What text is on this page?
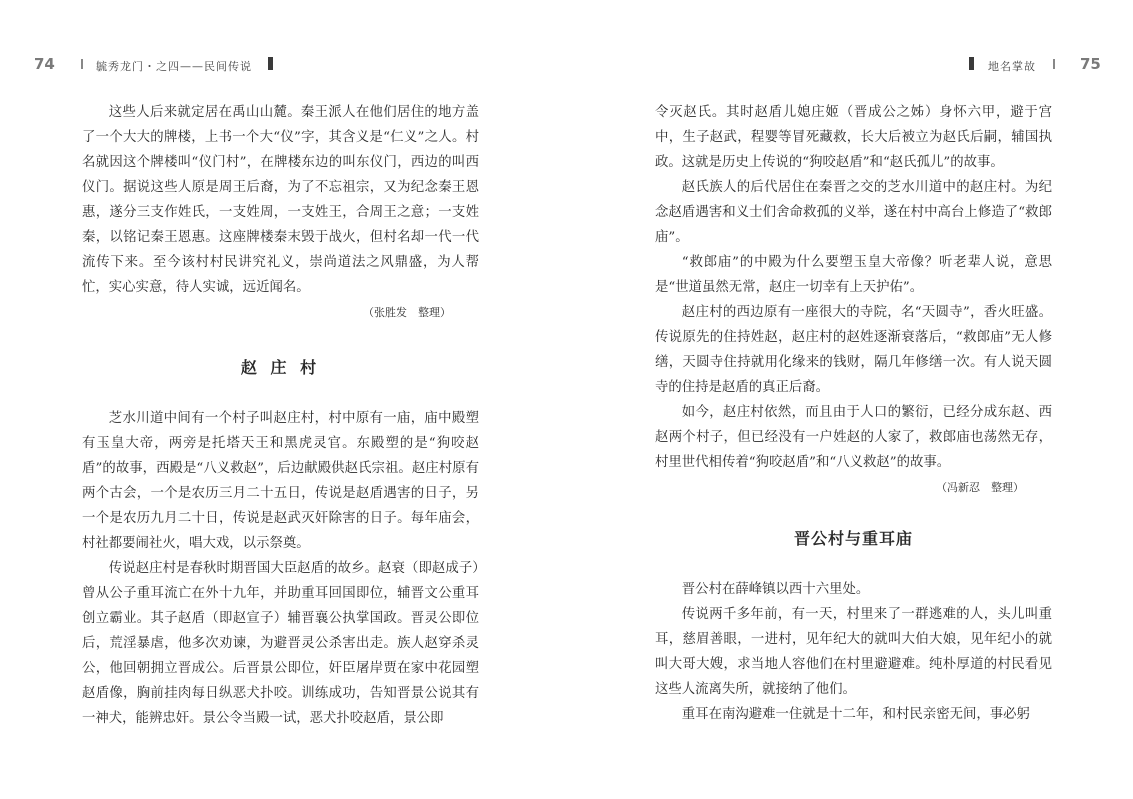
74	毓秀龙门・之四——民间传说	地名掌故	75

这些人后来就定居在禹山山麓。秦王派人在他们居住的地方盖了一个大大的牌楼，上书一个大“仪”字，其含义是“仁义”之人。村名就因这个牌楼叫“仪门村”，在牌楼东边的叫东仪门，西边的叫西仪门。据说这些人原是周王后裔，为了不忘祖宗，又为纪念秦王恩惠，遂分三支作姓氏，一支姓周，一支姓王，合周王之意；一支姓秦，以铭记秦王恩惠。这座牌楼秦末毁于战火，但村名却一代一代流传下来。至今该村村民讲究礼义，崇尚道法之风鼎盛，为人帮忙，实心实意，待人实诚，远近闻名。

（张胜发　整理）
赵 庄 村

芝水川道中间有一个村子叫赵庄村，村中原有一庙，庙中殿塑有玉皇大帝，两旁是托塔天王和黑虎灵官。东殿塑的是“狗咬赵盾”的故事，西殿是“八义救赵”，后边献殿供赵氏宗祖。赵庄村原有两个古会，一个是农历三月二十五日，传说是赵盾遇害的日子，另一个是农历九月二十日，传说是赵武灭奸除害的日子。每年庙会，村社都要闹社火，唱大戏，以示祭奠。

传说赵庄村是春秋时期晋国大臣赵盾的故乡。赵衰（即赵成子）曾从公子重耳流亡在外十九年，并助重耳回国即位，辅晋文公重耳创立霸业。其子赵盾（即赵宣子）辅晋襄公执掌国政。晋灵公即位后，荒淫暴虐，他多次劝谏，为避晋灵公杀害出走。族人赵穿杀灵公，他回朝拥立晋成公。后晋景公即位，奸臣屠岸贾在家中花园塑赵盾像，胸前挂肉每日纵恶犬扑咬。训练成功，告知晋景公说其有一神犬，能辨忠奸。景公令当殿一试，恶犬扑咬赵盾，景公即

令灭赵氏。其时赵盾儿媳庄姬（晋成公之姊）身怀六甲，避于宫中，生子赵武，程婴等冒死藏救，长大后被立为赵氏后嗣，辅国执政。这就是历史上传说的“狗咬赵盾”和“赵氏孤儿”的故事。

赵氏族人的后代居住在秦晋之交的芝水川道中的赵庄村。为纪念赵盾遇害和义士们舍命救孤的义举，遂在村中高台上修造了“救郎庙”。

“救郎庙”的中殿为什么要塑玉皇大帝像？听老辈人说，意思是“世道虽然无常，赵庄一切幸有上天护佑”。

赵庄村的西边原有一座很大的寺院，名“天圆寺”，香火旺盛。传说原先的住持姓赵，赵庄村的赵姓逐渐衰落后，“救郎庙”无人修缮，天圆寺住持就用化缘来的钱财，隔几年修缮一次。有人说天圆寺的住持是赵盾的真正后裔。

如今，赵庄村依然，而且由于人口的繁衍，已经分成东赵、西赵两个村子，但已经没有一户姓赵的人家了，救郎庙也荡然无存，村里世代相传着“狗咬赵盾”和“八义救赵”的故事。

（冯新忍　整理）
晋公村与重耳庙

晋公村在薛峰镇以西十六里处。

传说两千多年前，有一天，村里来了一群逃难的人，头儿叫重耳，慈眉善眼，一进村，见年纪大的就叫大伯大娘，见年纪小的就叫大哥大嫂，求当地人容他们在村里避避难。纯朴厚道的村民看见这些人流离失所，就接纳了他们。

重耳在南沟避难一住就是十二年，和村民亲密无间，事必躬
